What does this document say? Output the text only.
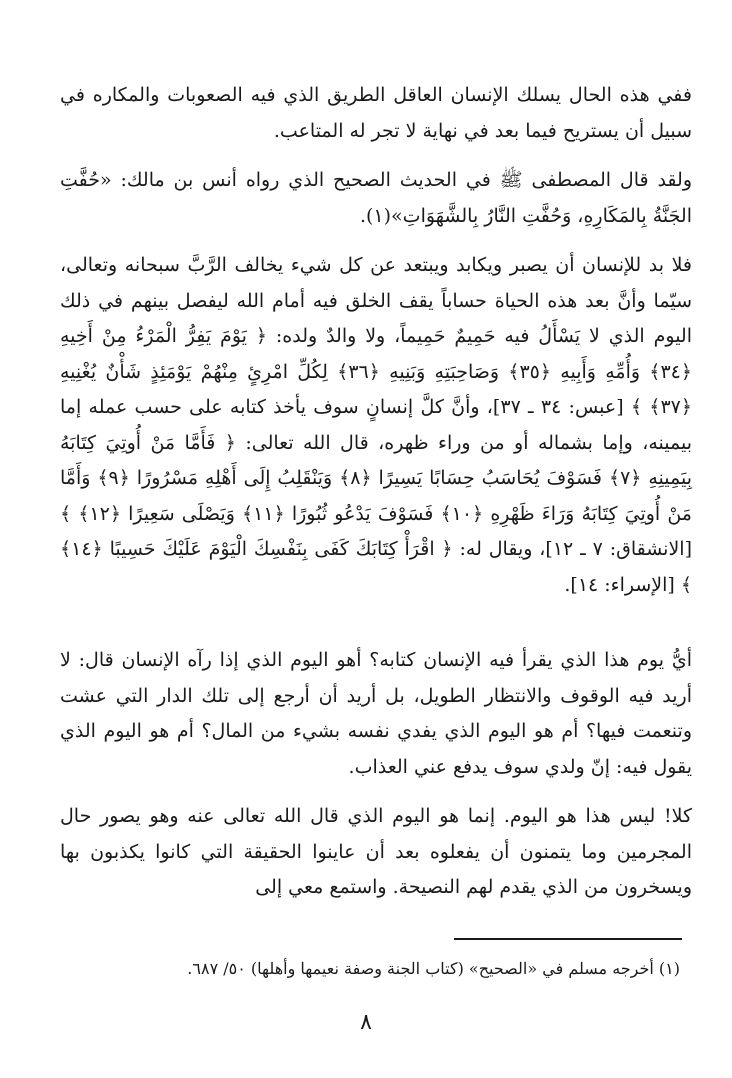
ففي هذه الحال يسلك الإنسان العاقل الطريق الذي فيه الصعوبات والمكاره في سبيل أن يستريح فيما بعد في نهاية لا تجر له المتاعب.

ولقد قال المصطفى ﷺ في الحديث الصحيح الذي رواه أنس بن مالك: «حُفَّتِ الجَنَّةُ بِالمَكَارِهِ، وَحُفَّتِ النَّارُ بِالشَّهَوَاتِ»(١).

فلا بد للإنسان أن يصبر ويكابد ويبتعد عن كل شيء يخالف الرَّبَّ سبحانه وتعالى، سيّما وأنَّ بعد هذه الحياة حساباً يقف الخلق فيه أمام الله ليفصل بينهم في ذلك اليوم الذي لا يَسْأَلُ فيه حَمِيمٌ حَمِيماً، ولا والدٌ ولده: ﴿ يَوْمَ يَفِرُّ الْمَرْءُ مِنْ أَخِيهِ ﴿٣٤﴾ وَأُمِّهِ وَأَبِيهِ ﴿٣٥﴾ وَصَاحِبَتِهِ وَبَنِيهِ ﴿٣٦﴾ لِكُلِّ امْرِئٍ مِنْهُمْ يَوْمَئِذٍ شَأْنٌ يُغْنِيهِ ﴿٣٧﴾ ﴾ [عبس: ٣٤ ـ ٣٧]، وأنَّ كلَّ إنسانٍ سوف يأخذ كتابه على حسب عمله إما بيمينه، وإما بشماله أو من وراء ظهره، قال الله تعالى: ﴿ فَأَمَّا مَنْ أُوتِيَ كِتَابَهُ بِيَمِينِهِ ﴿٧﴾ فَسَوْفَ يُحَاسَبُ حِسَابًا يَسِيرًا ﴿٨﴾ وَيَنْقَلِبُ إِلَى أَهْلِهِ مَسْرُورًا ﴿٩﴾ وَأَمَّا مَنْ أُوتِيَ كِتَابَهُ وَرَاءَ ظَهْرِهِ ﴿١٠﴾ فَسَوْفَ يَدْعُو ثُبُورًا ﴿١١﴾ وَيَصْلَى سَعِيرًا ﴿١٢﴾ ﴾ [الانشقاق: ٧ ـ ١٢]، ويقال له: ﴿ اقْرَأْ كِتَابَكَ كَفَى بِنَفْسِكَ الْيَوْمَ عَلَيْكَ حَسِيبًا ﴿١٤﴾ ﴾ [الإسراء: ١٤].

أيُّ يوم هذا الذي يقرأ فيه الإنسان كتابه؟ أهو اليوم الذي إذا رآه الإنسان قال: لا أريد فيه الوقوف والانتظار الطويل، بل أريد أن أرجع إلى تلك الدار التي عشت وتنعمت فيها؟ أم هو اليوم الذي يفدي نفسه بشيء من المال؟ أم هو اليوم الذي يقول فيه: إنّ ولدي سوف يدفع عني العذاب.

كلا! ليس هذا هو اليوم. إنما هو اليوم الذي قال الله تعالى عنه وهو يصور حال المجرمين وما يتمنون أن يفعلوه بعد أن عاينوا الحقيقة التي كانوا يكذبون بها ويسخرون من الذي يقدم لهم النصيحة. واستمع معي إلى

(١) أخرجه مسلم في «الصحيح» (كتاب الجنة وصفة نعيمها وأهلها) ٥٠/ ٦٨٧.
٨
